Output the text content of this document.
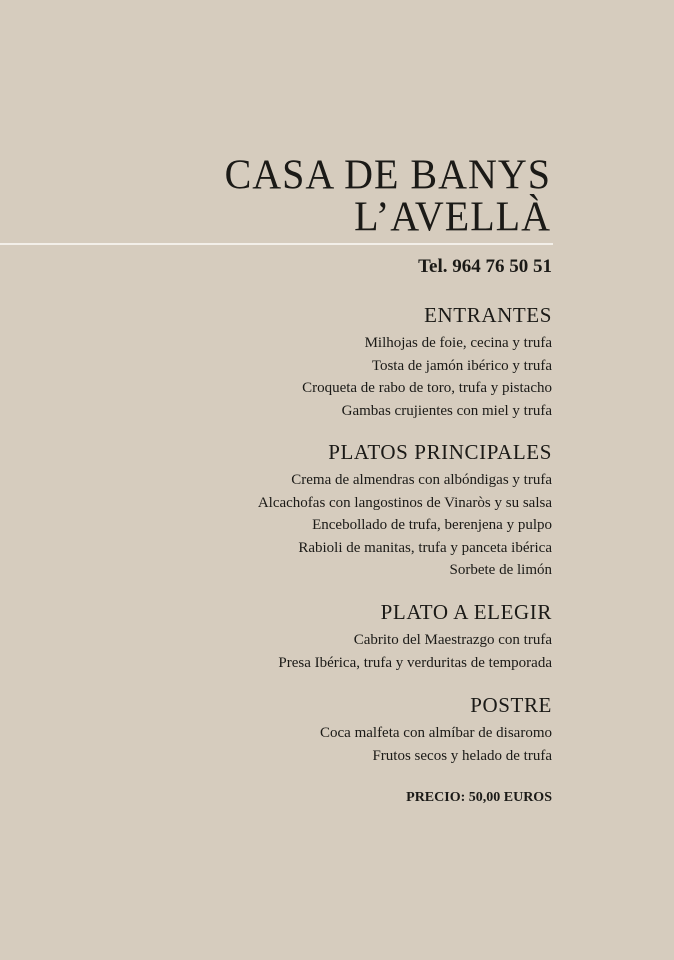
CASA DE BANYS
L’AVELLÀ
Tel. 964 76 50 51
ENTRANTES
Milhojas de foie, cecina y trufa
Tosta de jamón ibérico y trufa
Croqueta de rabo de toro, trufa y pistacho
Gambas crujientes con miel y trufa
PLATOS PRINCIPALES
Crema de almendras con albóndigas y trufa
Alcachofas con langostinos de Vinaròs y su salsa
Encebollado de trufa, berenjena y pulpo
Rabioli de manitas, trufa y panceta ibérica
Sorbete de limón
PLATO A ELEGIR
Cabrito del Maestrazgo con trufa
Presa Ibérica, trufa y verduritas de temporada
POSTRE
Coca malfeta con almíbar de disaromo
Frutos secos y helado de trufa
PRECIO: 50,00 EUROS
